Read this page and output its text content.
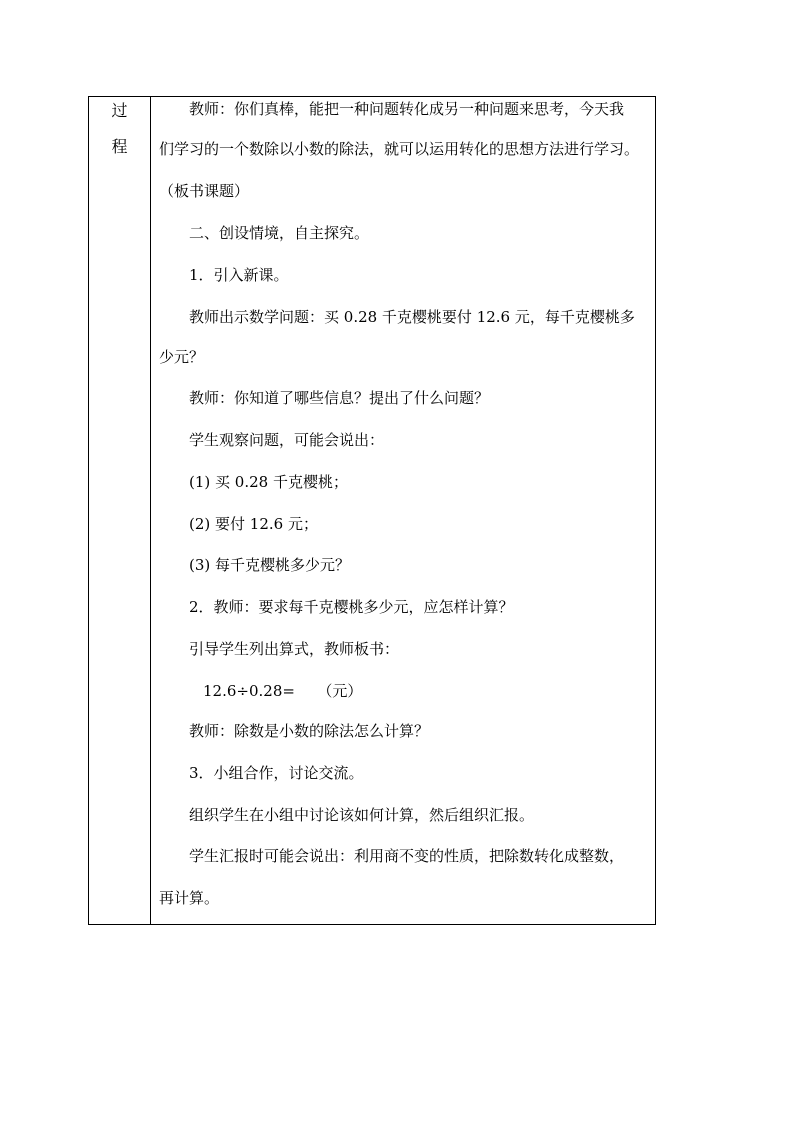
过
程
教师：你们真棒，能把一种问题转化成另一种问题来思考，今天我
们学习的一个数除以小数的除法，就可以运用转化的思想方法进行学习。
（板书课题）
二、创设情境，自主探究。
1．引入新课。
教师出示数学问题：买 0.28 千克樱桃要付 12.6 元，每千克樱桃多
少元？
教师：你知道了哪些信息？提出了什么问题？
学生观察问题，可能会说出：
(1) 买 0.28 千克樱桃；
(2) 要付 12.6 元；
(3) 每千克樱桃多少元？
2．教师：要求每千克樱桃多少元，应怎样计算？
引导学生列出算式，教师板书：
12.6÷0.28=　　（元）
教师：除数是小数的除法怎么计算？
3．小组合作，讨论交流。
组织学生在小组中讨论该如何计算，然后组织汇报。
学生汇报时可能会说出：利用商不变的性质，把除数转化成整数，
再计算。
